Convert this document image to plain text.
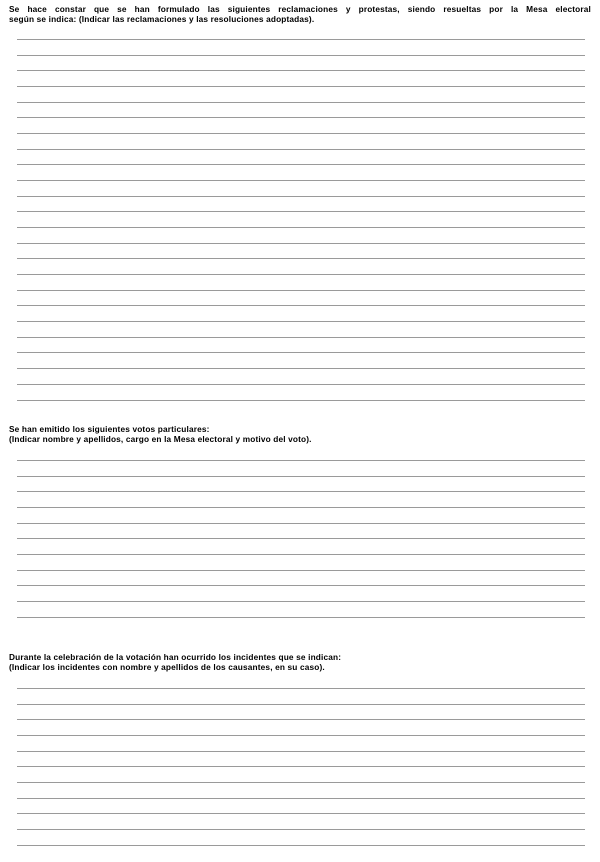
Se hace constar que se han formulado las siguientes reclamaciones y protestas, siendo resueltas por la Mesa electoral
según se indica: (Indicar las reclamaciones y las resoluciones adoptadas).

Se han emitido los siguientes votos particulares:
(Indicar nombre y apellidos, cargo en la Mesa electoral y motivo del voto).

Durante la celebración de la votación han ocurrido los incidentes que se indican:
(Indicar los incidentes con nombre y apellidos de los causantes, en su caso).
